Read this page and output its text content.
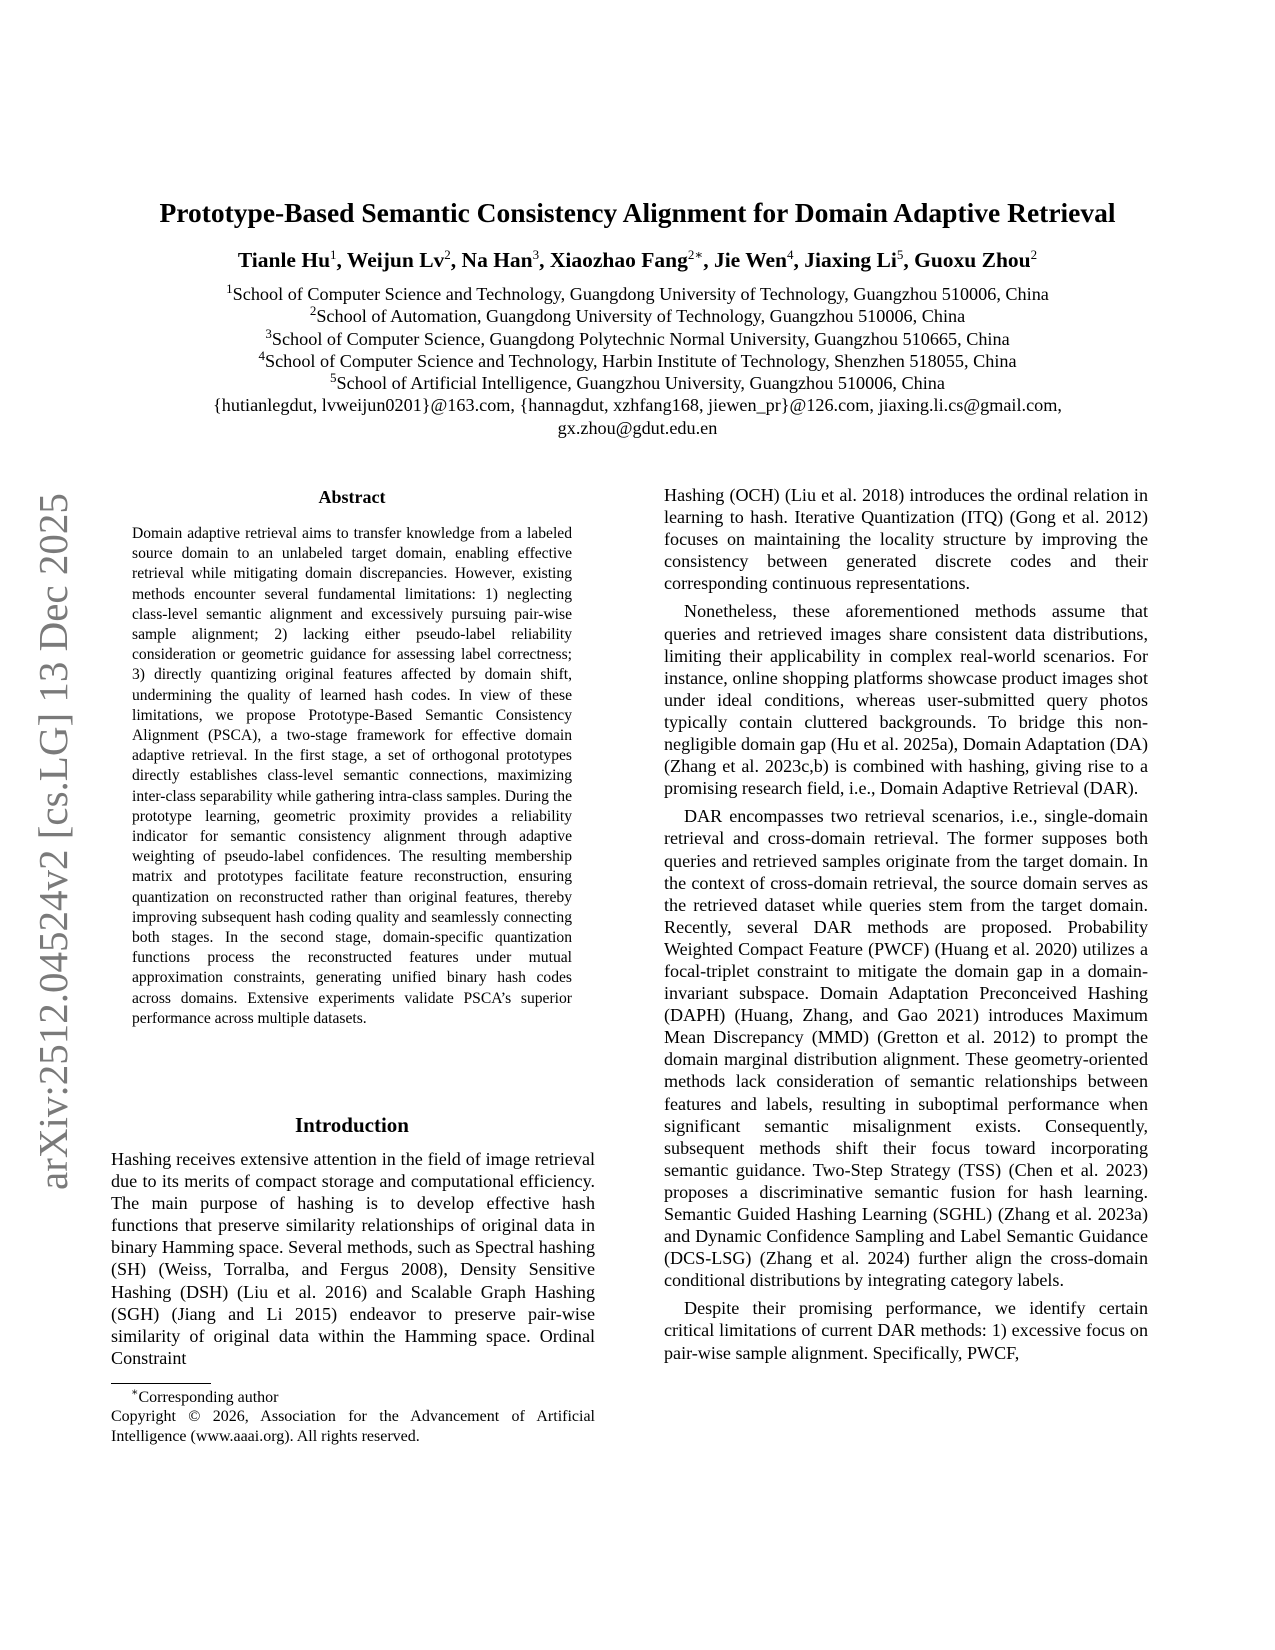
arXiv:2512.04524v2 [cs.LG] 13 Dec 2025
Prototype-Based Semantic Consistency Alignment for Domain Adaptive Retrieval
Tianle Hu$^1$, Weijun Lv$^2$, Na Han$^3$, Xiaozhao Fang$^{2∗}$, Jie Wen$^4$, Jiaxing Li$^5$, Guoxu Zhou$^2$
$^1$School of Computer Science and Technology, Guangdong University of Technology, Guangzhou 510006, China
$^2$School of Automation, Guangdong University of Technology, Guangzhou 510006, China
$^3$School of Computer Science, Guangdong Polytechnic Normal University, Guangzhou 510665, China
$^4$School of Computer Science and Technology, Harbin Institute of Technology, Shenzhen 518055, China
$^5$School of Artificial Intelligence, Guangzhou University, Guangzhou 510006, China
{hutianlegdut, lvweijun0201}@163.com, {hannagdut, xzhfang168, jiewen_pr}@126.com, jiaxing.li.cs@gmail.com,
gx.zhou@gdut.edu.en
Abstract
Domain adaptive retrieval aims to transfer knowledge from a labeled source domain to an unlabeled target domain, enabling effective retrieval while mitigating domain discrepancies. However, existing methods encounter several fundamental limitations: 1) neglecting class-level semantic alignment and excessively pursuing pair-wise sample alignment; 2) lacking either pseudo-label reliability consideration or geometric guidance for assessing label correctness; 3) directly quantizing original features affected by domain shift, undermining the quality of learned hash codes. In view of these limitations, we propose Prototype-Based Semantic Consistency Alignment (PSCA), a two-stage framework for effective domain adaptive retrieval. In the first stage, a set of orthogonal prototypes directly establishes class-level semantic connections, maximizing inter-class separability while gathering intra-class samples. During the prototype learning, geometric proximity provides a reliability indicator for semantic consistency alignment through adaptive weighting of pseudo-label confidences. The resulting membership matrix and prototypes facilitate feature reconstruction, ensuring quantization on reconstructed rather than original features, thereby improving subsequent hash coding quality and seamlessly connecting both stages. In the second stage, domain-specific quantization functions process the reconstructed features under mutual approximation constraints, generating unified binary hash codes across domains. Extensive experiments validate PSCA’s superior performance across multiple datasets.
Introduction

Hashing receives extensive attention in the field of image retrieval due to its merits of compact storage and computational efficiency. The main purpose of hashing is to develop effective hash functions that preserve similarity relationships of original data in binary Hamming space. Several methods, such as Spectral hashing (SH) (Weiss, Torralba, and Fergus 2008), Density Sensitive Hashing (DSH) (Liu et al. 2016) and Scalable Graph Hashing (SGH) (Jiang and Li 2015) endeavor to preserve pair-wise similarity of original data within the Hamming space. Ordinal Constraint

∗Corresponding author
Copyright © 2026, Association for the Advancement of Artificial Intelligence (www.aaai.org). All rights reserved.

Hashing (OCH) (Liu et al. 2018) introduces the ordinal relation in learning to hash. Iterative Quantization (ITQ) (Gong et al. 2012) focuses on maintaining the locality structure by improving the consistency between generated discrete codes and their corresponding continuous representations.

Nonetheless, these aforementioned methods assume that queries and retrieved images share consistent data distributions, limiting their applicability in complex real-world scenarios. For instance, online shopping platforms showcase product images shot under ideal conditions, whereas user-submitted query photos typically contain cluttered backgrounds. To bridge this non-negligible domain gap (Hu et al. 2025a), Domain Adaptation (DA) (Zhang et al. 2023c,b) is combined with hashing, giving rise to a promising research field, i.e., Domain Adaptive Retrieval (DAR).

DAR encompasses two retrieval scenarios, i.e., single-domain retrieval and cross-domain retrieval. The former supposes both queries and retrieved samples originate from the target domain. In the context of cross-domain retrieval, the source domain serves as the retrieved dataset while queries stem from the target domain. Recently, several DAR methods are proposed. Probability Weighted Compact Feature (PWCF) (Huang et al. 2020) utilizes a focal-triplet constraint to mitigate the domain gap in a domain-invariant subspace. Domain Adaptation Preconceived Hashing (DAPH) (Huang, Zhang, and Gao 2021) introduces Maximum Mean Discrepancy (MMD) (Gretton et al. 2012) to prompt the domain marginal distribution alignment. These geometry-oriented methods lack consideration of semantic relationships between features and labels, resulting in suboptimal performance when significant semantic misalignment exists. Consequently, subsequent methods shift their focus toward incorporating semantic guidance. Two-Step Strategy (TSS) (Chen et al. 2023) proposes a discriminative semantic fusion for hash learning. Semantic Guided Hashing Learning (SGHL) (Zhang et al. 2023a) and Dynamic Confidence Sampling and Label Semantic Guidance (DCS-LSG) (Zhang et al. 2024) further align the cross-domain conditional distributions by integrating category labels.

Despite their promising performance, we identify certain critical limitations of current DAR methods: 1) excessive focus on pair-wise sample alignment. Specifically, PWCF,
